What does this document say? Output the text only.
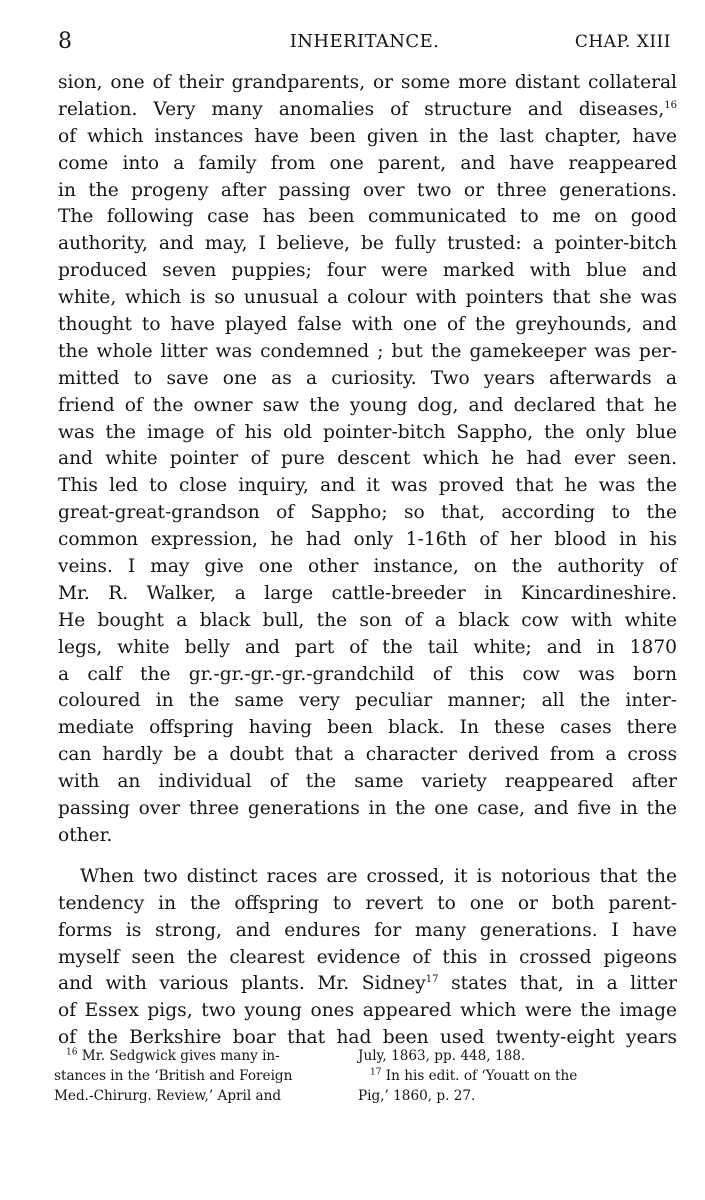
8	INHERITANCE.	CHAP. XIII
sion, one of their grandparents, or some more distant collateral
relation. Very many anomalies of structure and diseases,$^{16}$
of which instances have been given in the last chapter, have
come into a family from one parent, and have reappeared
in the progeny after passing over two or three generations.
The following case has been communicated to me on good
authority, and may, I believe, be fully trusted: a pointer-bitch
produced seven puppies; four were marked with blue and
white, which is so unusual a colour with pointers that she was
thought to have played false with one of the greyhounds, and
the whole litter was condemned ; but the gamekeeper was per-
mitted to save one as a curiosity. Two years afterwards a
friend of the owner saw the young dog, and declared that he
was the image of his old pointer-bitch Sappho, the only blue
and white pointer of pure descent which he had ever seen.
This led to close inquiry, and it was proved that he was the
great-great-grandson of Sappho; so that, according to the
common expression, he had only 1-16th of her blood in his
veins. I may give one other instance, on the authority of
Mr. R. Walker, a large cattle-breeder in Kincardineshire.
He bought a black bull, the son of a black cow with white
legs, white belly and part of the tail white; and in 1870
a calf the gr.-gr.-gr.-gr.-grandchild of this cow was born
coloured in the same very peculiar manner; all the inter-
mediate offspring having been black. In these cases there
can hardly be a doubt that a character derived from a cross
with an individual of the same variety reappeared after
passing over three generations in the one case, and five in the
other.
When two distinct races are crossed, it is notorious that the
tendency in the offspring to revert to one or both parent-
forms is strong, and endures for many generations. I have
myself seen the clearest evidence of this in crossed pigeons
and with various plants. Mr. Sidney$^{17}$ states that, in a litter
of Essex pigs, two young ones appeared which were the image
of the Berkshire boar that had been used twenty-eight years
$^{16}$ Mr. Sedgwick gives many in-
stances in the ‘British and Foreign
Med.-Chirurg. Review,’ April and
July, 1863, pp. 448, 188.
$^{17}$ In his edit. of ‘Youatt on the
Pig,’ 1860, p. 27.
